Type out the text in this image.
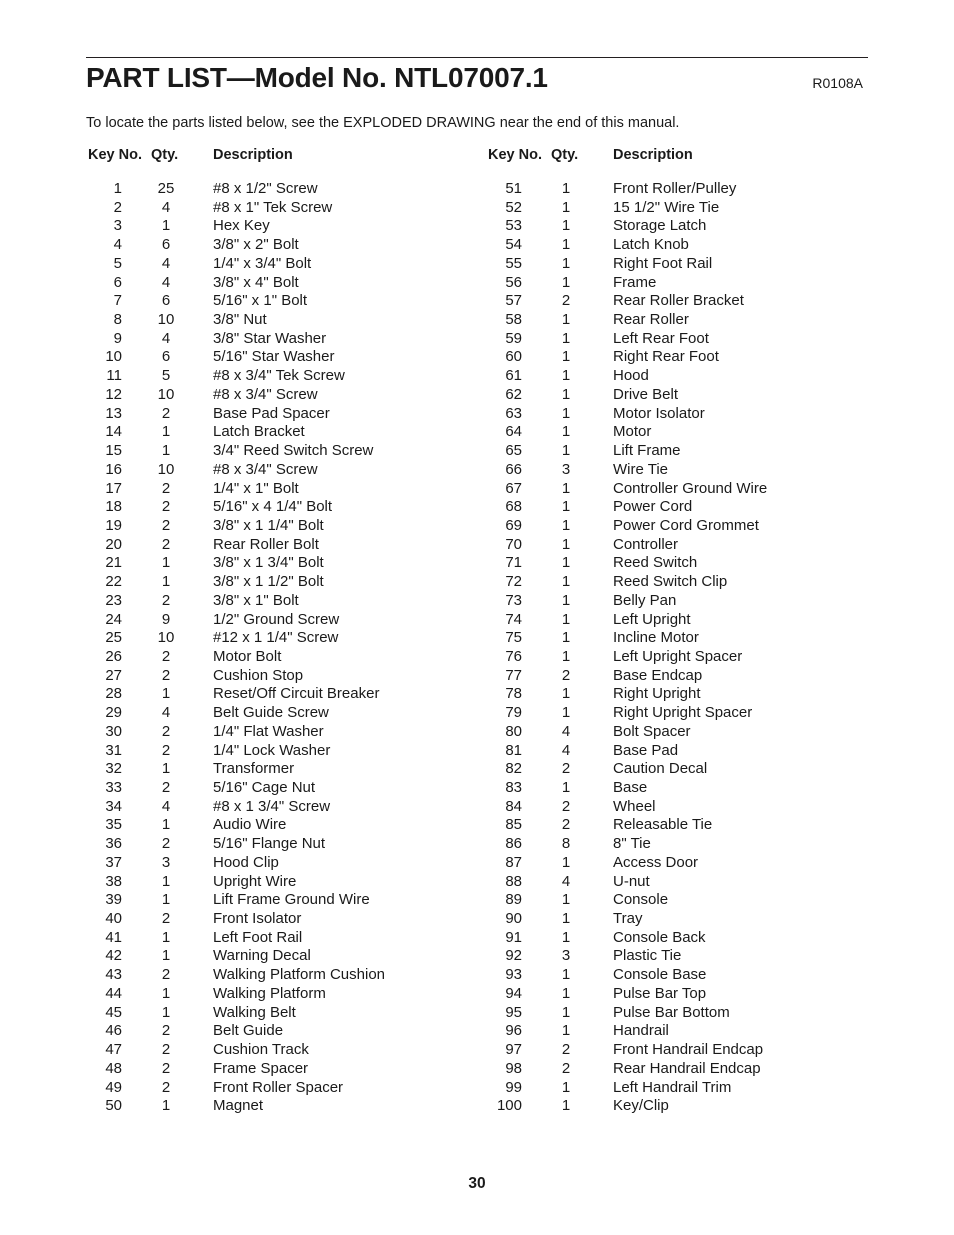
PART LIST—Model No. NTL07007.1	R0108A
To locate the parts listed below, see the EXPLODED DRAWING near the end of this manual.
Key No. Qty. Description
1	25	#8 x 1/2" Screw
2	4	#8 x 1" Tek Screw
3	1	Hex Key
4	6	3/8" x 2" Bolt
5	4	1/4" x 3/4" Bolt
6	4	3/8" x 4" Bolt
7	6	5/16" x 1" Bolt
8	10	3/8" Nut
9	4	3/8" Star Washer
10	6	5/16" Star Washer
11	5	#8 x 3/4" Tek Screw
12	10	#8 x 3/4" Screw
13	2	Base Pad Spacer
14	1	Latch Bracket
15	1	3/4" Reed Switch Screw
16	10	#8 x 3/4" Screw
17	2	1/4" x 1" Bolt
18	2	5/16" x 4 1/4" Bolt
19	2	3/8" x 1 1/4" Bolt
20	2	Rear Roller Bolt
21	1	3/8" x 1 3/4" Bolt
22	1	3/8" x 1 1/2" Bolt
23	2	3/8" x 1" Bolt
24	9	1/2" Ground Screw
25	10	#12 x 1 1/4" Screw
26	2	Motor Bolt
27	2	Cushion Stop
28	1	Reset/Off Circuit Breaker
29	4	Belt Guide Screw
30	2	1/4" Flat Washer
31	2	1/4" Lock Washer
32	1	Transformer
33	2	5/16" Cage Nut
34	4	#8 x 1 3/4" Screw
35	1	Audio Wire
36	2	5/16" Flange Nut
37	3	Hood Clip
38	1	Upright Wire
39	1	Lift Frame Ground Wire
40	2	Front Isolator
41	1	Left Foot Rail
42	1	Warning Decal
43	2	Walking Platform Cushion
44	1	Walking Platform
45	1	Walking Belt
46	2	Belt Guide
47	2	Cushion Track
48	2	Frame Spacer
49	2	Front Roller Spacer
50	1	Magnet
Key No. Qty. Description
51	1	Front Roller/Pulley
52	1	15 1/2" Wire Tie
53	1	Storage Latch
54	1	Latch Knob
55	1	Right Foot Rail
56	1	Frame
57	2	Rear Roller Bracket
58	1	Rear Roller
59	1	Left Rear Foot
60	1	Right Rear Foot
61	1	Hood
62	1	Drive Belt
63	1	Motor Isolator
64	1	Motor
65	1	Lift Frame
66	3	Wire Tie
67	1	Controller Ground Wire
68	1	Power Cord
69	1	Power Cord Grommet
70	1	Controller
71	1	Reed Switch
72	1	Reed Switch Clip
73	1	Belly Pan
74	1	Left Upright
75	1	Incline Motor
76	1	Left Upright Spacer
77	2	Base Endcap
78	1	Right Upright
79	1	Right Upright Spacer
80	4	Bolt Spacer
81	4	Base Pad
82	2	Caution Decal
83	1	Base
84	2	Wheel
85	2	Releasable Tie
86	8	8" Tie
87	1	Access Door
88	4	U-nut
89	1	Console
90	1	Tray
91	1	Console Back
92	3	Plastic Tie
93	1	Console Base
94	1	Pulse Bar Top
95	1	Pulse Bar Bottom
96	1	Handrail
97	2	Front Handrail Endcap
98	2	Rear Handrail Endcap
99	1	Left Handrail Trim
100	1	Key/Clip
30
